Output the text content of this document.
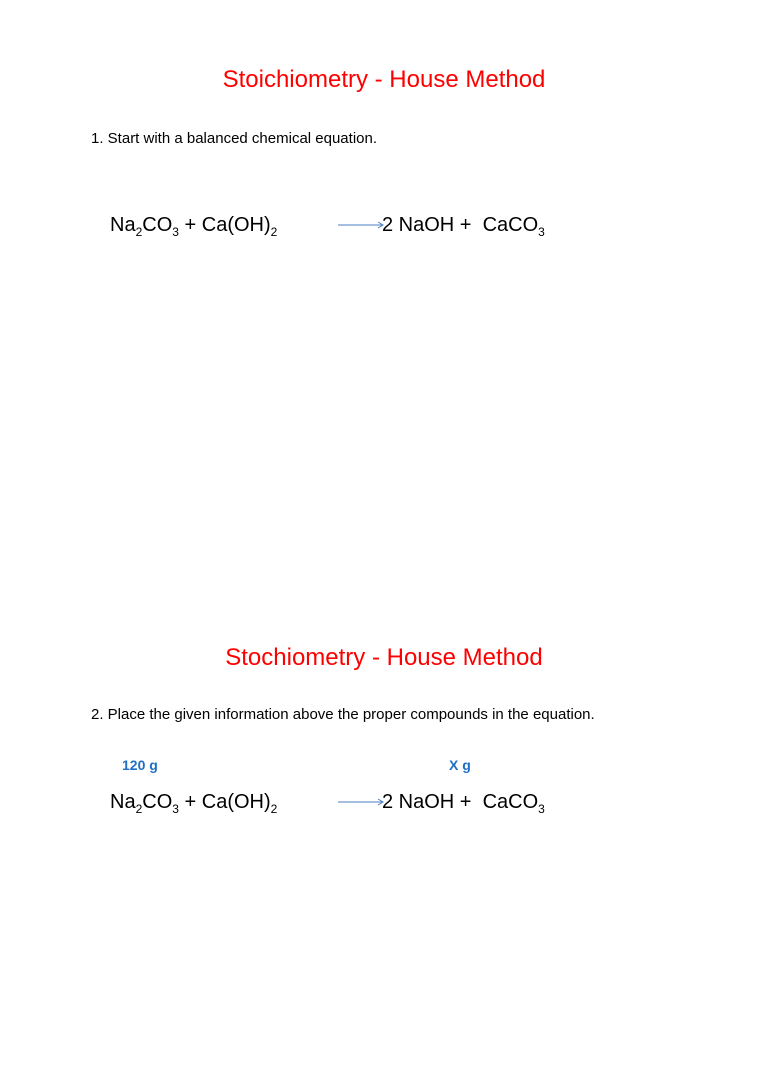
Stoichiometry - House Method
1. Start with a balanced chemical equation.
$Na_2CO_3 + Ca(OH)_2$	2 NaOH +  CaCO$_3$
Stochiometry - House Method
2. Place the given information above the proper compounds in the equation.
120 g	X g
$Na_2CO_3 + Ca(OH)_2$	2 NaOH +  CaCO$_3$
